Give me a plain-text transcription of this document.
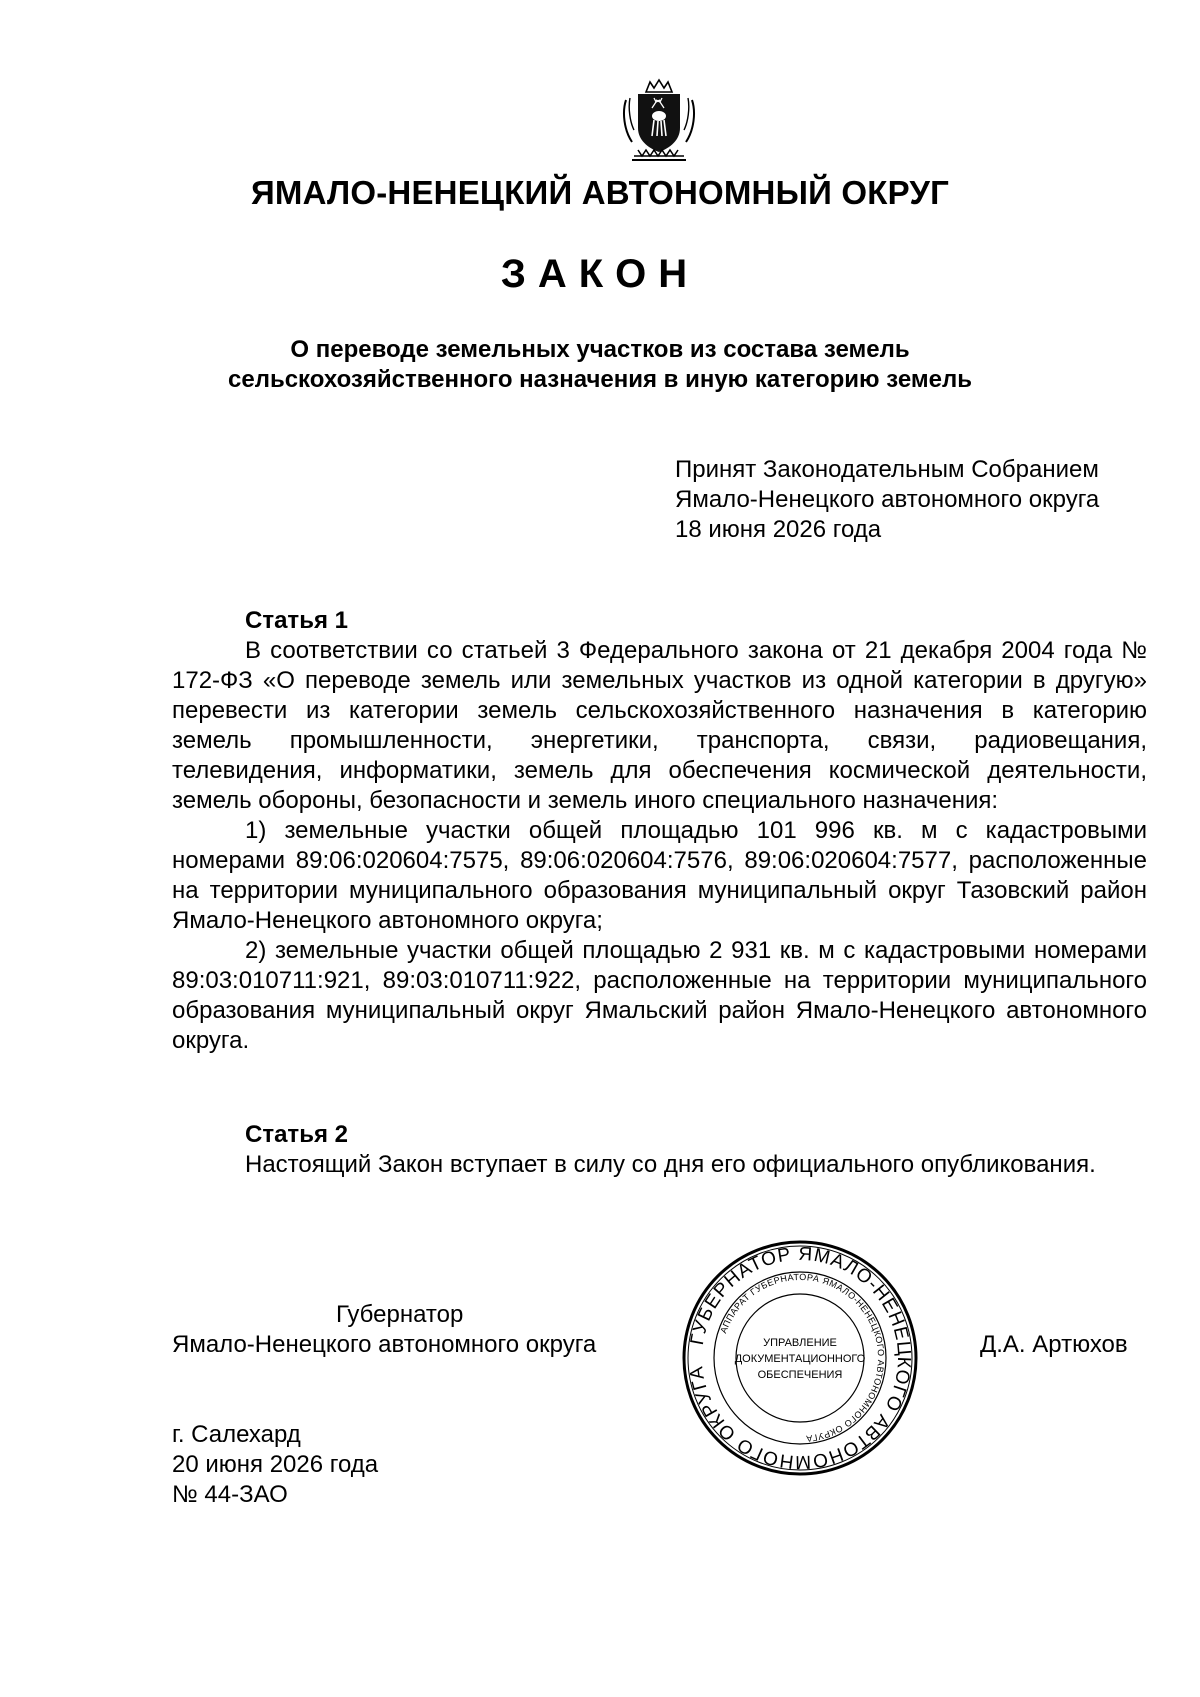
ЯМАЛО-НЕНЕЦКИЙ АВТОНОМНЫЙ ОКРУГ
ЗАКОН
О переводе земельных участков из состава земель
сельскохозяйственного назначения в иную категорию земель
Принят Законодательным Собранием
Ямало-Ненецкого автономного округа
18 июня 2026 года
Статья 1

В соответствии со статьей 3 Федерального закона от 21 декабря 2004 года № 172-ФЗ «О переводе земель или земельных участков из одной категории в другую» перевести из категории земель сельскохозяйственного назначения в категорию земель промышленности, энергетики, транспорта, связи, радиовещания, телевидения, информатики, земель для обеспечения космической деятельности, земель обороны, безопасности и земель иного специального назначения:

1) земельные участки общей площадью 101 996 кв. м с кадастровыми номерами 89:06:020604:7575, 89:06:020604:7576, 89:06:020604:7577, расположенные на территории муниципального образования муниципальный округ Тазовский район Ямало-Ненецкого автономного округа;

2) земельные участки общей площадью 2 931 кв. м с кадастровыми номерами 89:03:010711:921, 89:03:010711:922, расположенные на территории муниципального образования муниципальный округ Ямальский район Ямало-Ненецкого автономного округа.

Статья 2

Настоящий Закон вступает в силу со дня его официального опубликования.

Губернатор
Ямало-Ненецкого автономного округа	ГУБЕРНАТОР ЯМАЛО-НЕНЕЦКОГО АВТОНОМНОГО ОКРУГА
АППАРАТ ГУБЕРНАТОРА ЯМАЛО-НЕНЕЦКОГО АВТОНОМНОГО ОКРУГА
УПРАВЛЕНИЕ
ДОКУМЕНТАЦИОННОГО
ОБЕСПЕЧЕНИЯ
Д.А. Артюхов
г. Салехард
20 июня 2026 года
№ 44-ЗАО
